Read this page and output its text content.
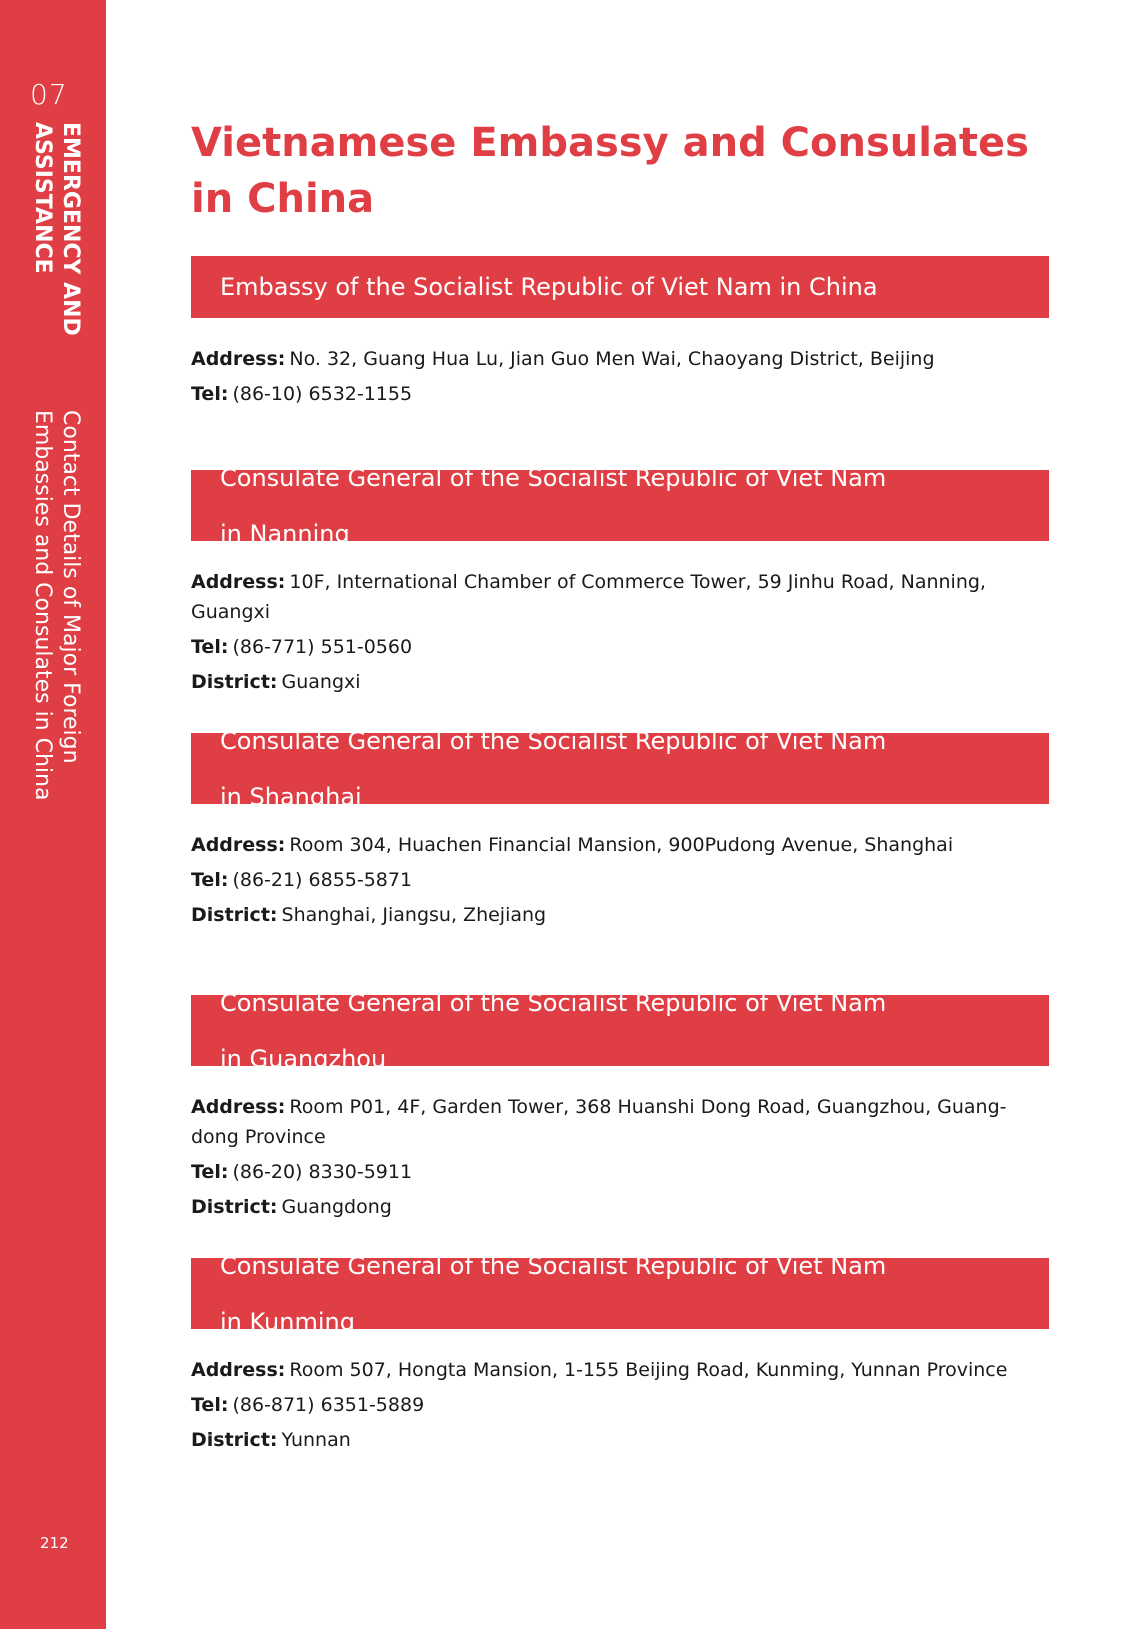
07
EMERGENCY AND
ASSISTANCE
Contact Details of Major Foreign
Embassies and Consulates in China
212
Vietnamese Embassy and Consulates
in China
Embassy of the Socialist Republic of Viet Nam in China

Address: No. 32, Guang Hua Lu, Jian Guo Men Wai, Chaoyang District, Beijing

Tel: (86-10) 6532-1155

Consulate General of the Socialist Republic of Viet Nam

in Nanning

Address: 10F, International Chamber of Commerce Tower, 59 Jinhu Road, Nanning, Guangxi

Tel: (86-771) 551-0560

District: Guangxi

Consulate General of the Socialist Republic of Viet Nam

in Shanghai

Address: Room 304, Huachen Financial Mansion, 900Pudong Avenue, Shanghai

Tel: (86-21) 6855-5871

District: Shanghai, Jiangsu, Zhejiang

Consulate General of the Socialist Republic of Viet Nam

in Guangzhou

Address: Room P01, 4F, Garden Tower, 368 Huanshi Dong Road, Guangzhou, Guang-dong Province

Tel: (86-20) 8330-5911

District: Guangdong

Consulate General of the Socialist Republic of Viet Nam

in Kunming

Address: Room 507, Hongta Mansion, 1-155 Beijing Road, Kunming, Yunnan Province

Tel: (86-871) 6351-5889

District: Yunnan
